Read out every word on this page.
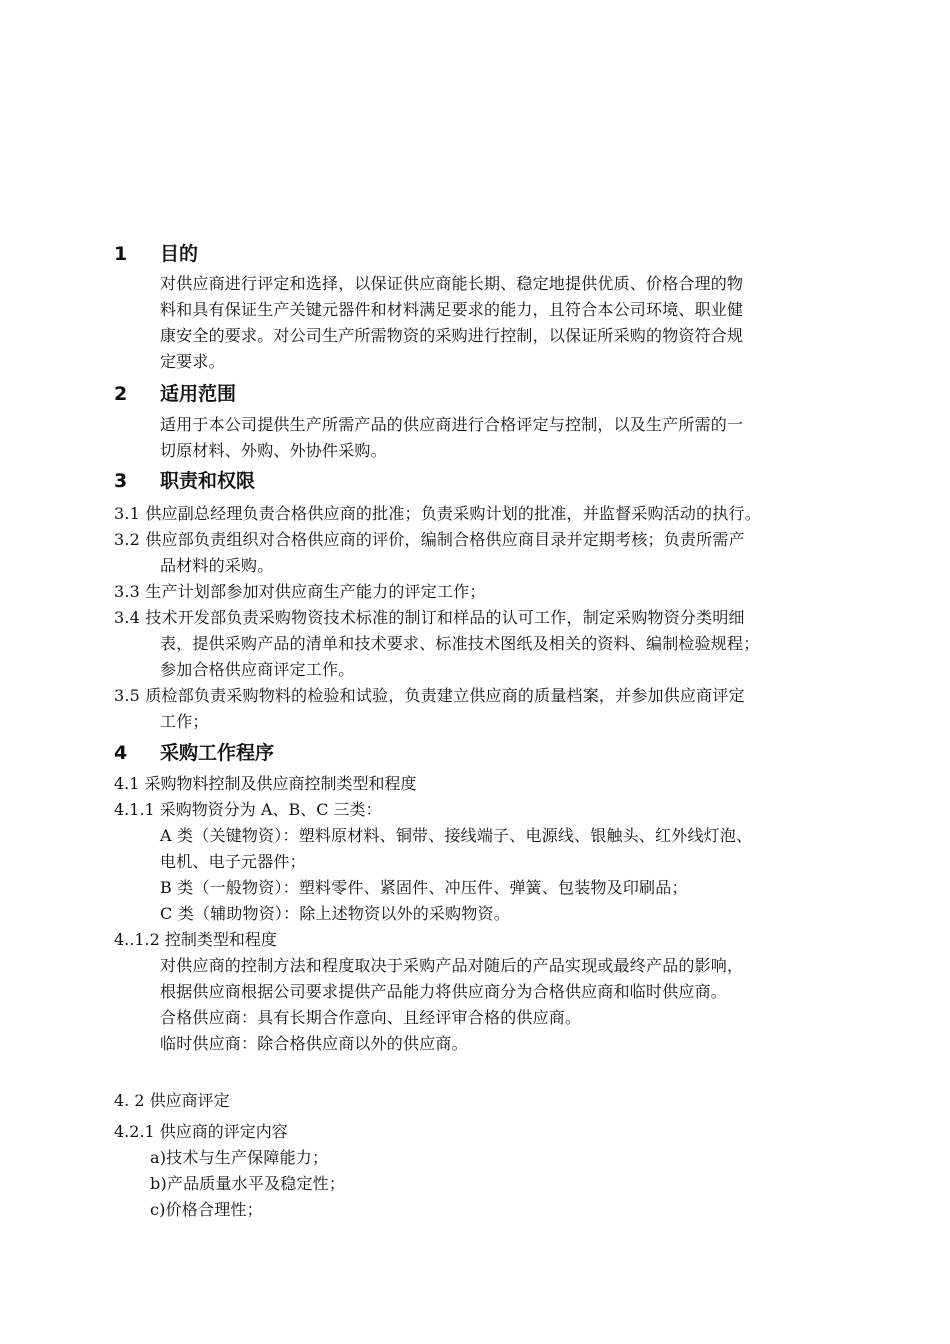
1 目的
对供应商进行评定和选择，以保证供应商能长期、稳定地提供优质、价格合理的物
料和具有保证生产关键元器件和材料满足要求的能力，且符合本公司环境、职业健
康安全的要求。对公司生产所需物资的采购进行控制，以保证所采购的物资符合规
定要求。
2 适用范围
适用于本公司提供生产所需产品的供应商进行合格评定与控制，以及生产所需的一
切原材料、外购、外协件采购。
3 职责和权限
3.1 供应副总经理负责合格供应商的批准；负责采购计划的批准，并监督采购活动的执行。
3.2 供应部负责组织对合格供应商的评价，编制合格供应商目录并定期考核；负责所需产
品材料的采购。
3.3 生产计划部参加对供应商生产能力的评定工作；
3.4 技术开发部负责采购物资技术标准的制订和样品的认可工作，制定采购物资分类明细
表，提供采购产品的清单和技术要求、标准技术图纸及相关的资料、编制检验规程；
参加合格供应商评定工作。
3.5 质检部负责采购物料的检验和试验，负责建立供应商的质量档案，并参加供应商评定
工作；
4 采购工作程序
4.1 采购物料控制及供应商控制类型和程度
4.1.1 采购物资分为 A、B、C 三类：
A 类（关键物资）：塑料原材料、铜带、接线端子、电源线、银触头、红外线灯泡、
电机、电子元器件；
B 类（一般物资）：塑料零件、紧固件、冲压件、弹簧、包装物及印刷品；
C 类（辅助物资）：除上述物资以外的采购物资。
4..1.2 控制类型和程度
对供应商的控制方法和程度取决于采购产品对随后的产品实现或最终产品的影响，
根据供应商根据公司要求提供产品能力将供应商分为合格供应商和临时供应商。
合格供应商：具有长期合作意向、且经评审合格的供应商。
临时供应商：除合格供应商以外的供应商。
4. 2 供应商评定
4.2.1 供应商的评定内容
a)技术与生产保障能力；
b)产品质量水平及稳定性；
c)价格合理性；
